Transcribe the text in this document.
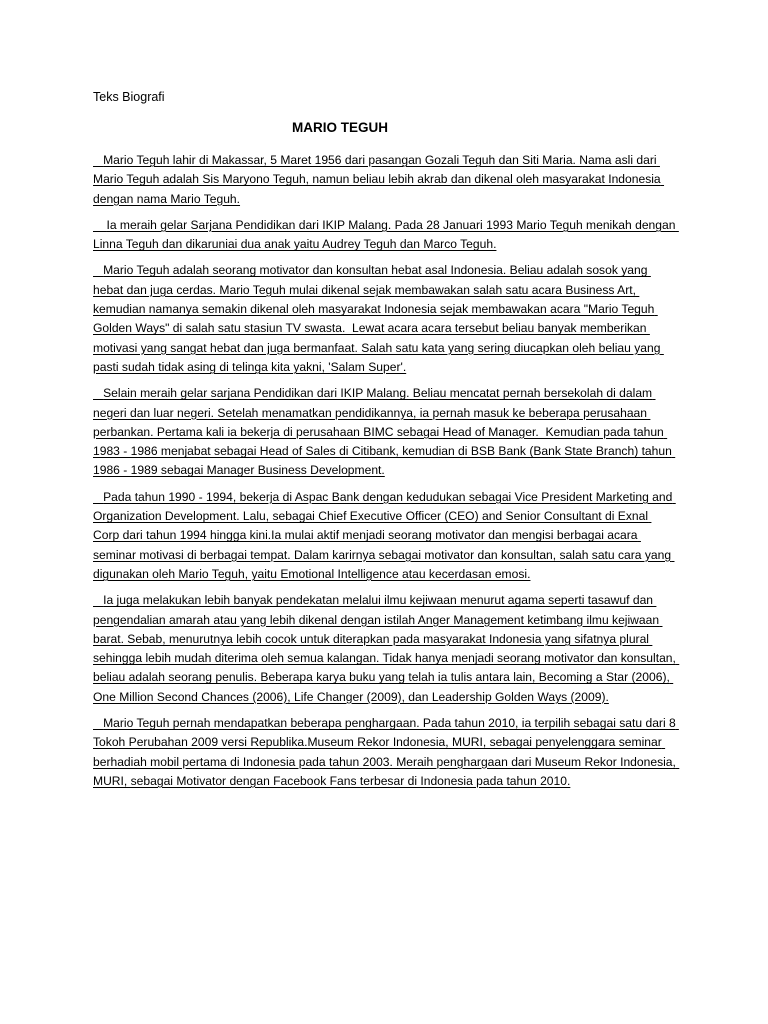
Teks Biografi
MARIO TEGUH

Mario Teguh lahir di Makassar, 5 Maret 1956 dari pasangan Gozali Teguh dan Siti Maria. Nama asli dari Mario Teguh adalah Sis Maryono Teguh, namun beliau lebih akrab dan dikenal oleh masyarakat Indonesia dengan nama Mario Teguh.

Ia meraih gelar Sarjana Pendidikan dari IKIP Malang. Pada 28 Januari 1993 Mario Teguh menikah dengan Linna Teguh dan dikaruniai dua anak yaitu Audrey Teguh dan Marco Teguh.

Mario Teguh adalah seorang motivator dan konsultan hebat asal Indonesia. Beliau adalah sosok yang hebat dan juga cerdas. Mario Teguh mulai dikenal sejak membawakan salah satu acara Business Art, kemudian namanya semakin dikenal oleh masyarakat Indonesia sejak membawakan acara "Mario Teguh Golden Ways" di salah satu stasiun TV swasta.  Lewat acara acara tersebut beliau banyak memberikan motivasi yang sangat hebat dan juga bermanfaat. Salah satu kata yang sering diucapkan oleh beliau yang pasti sudah tidak asing di telinga kita yakni, 'Salam Super'.

Selain meraih gelar sarjana Pendidikan dari IKIP Malang. Beliau mencatat pernah bersekolah di dalam negeri dan luar negeri. Setelah menamatkan pendidikannya, ia pernah masuk ke beberapa perusahaan perbankan. Pertama kali ia bekerja di perusahaan BIMC sebagai Head of Manager.  Kemudian pada tahun 1983 - 1986 menjabat sebagai Head of Sales di Citibank, kemudian di BSB Bank (Bank State Branch) tahun 1986 - 1989 sebagai Manager Business Development.

Pada tahun 1990 - 1994, bekerja di Aspac Bank dengan kedudukan sebagai Vice President Marketing and Organization Development. Lalu, sebagai Chief Executive Officer (CEO) and Senior Consultant di Exnal Corp dari tahun 1994 hingga kini.Ia mulai aktif menjadi seorang motivator dan mengisi berbagai acara seminar motivasi di berbagai tempat. Dalam karirnya sebagai motivator dan konsultan, salah satu cara yang digunakan oleh Mario Teguh, yaitu Emotional Intelligence atau kecerdasan emosi.

Ia juga melakukan lebih banyak pendekatan melalui ilmu kejiwaan menurut agama seperti tasawuf dan pengendalian amarah atau yang lebih dikenal dengan istilah Anger Management ketimbang ilmu kejiwaan barat. Sebab, menurutnya lebih cocok untuk diterapkan pada masyarakat Indonesia yang sifatnya plural sehingga lebih mudah diterima oleh semua kalangan. Tidak hanya menjadi seorang motivator dan konsultan, beliau adalah seorang penulis. Beberapa karya buku yang telah ia tulis antara lain, Becoming a Star (2006), One Million Second Chances (2006), Life Changer (2009), dan Leadership Golden Ways (2009).

Mario Teguh pernah mendapatkan beberapa penghargaan. Pada tahun 2010, ia terpilih sebagai satu dari 8 Tokoh Perubahan 2009 versi Republika.Museum Rekor Indonesia, MURI, sebagai penyelenggara seminar berhadiah mobil pertama di Indonesia pada tahun 2003. Meraih penghargaan dari Museum Rekor Indonesia, MURI, sebagai Motivator dengan Facebook Fans terbesar di Indonesia pada tahun 2010.
